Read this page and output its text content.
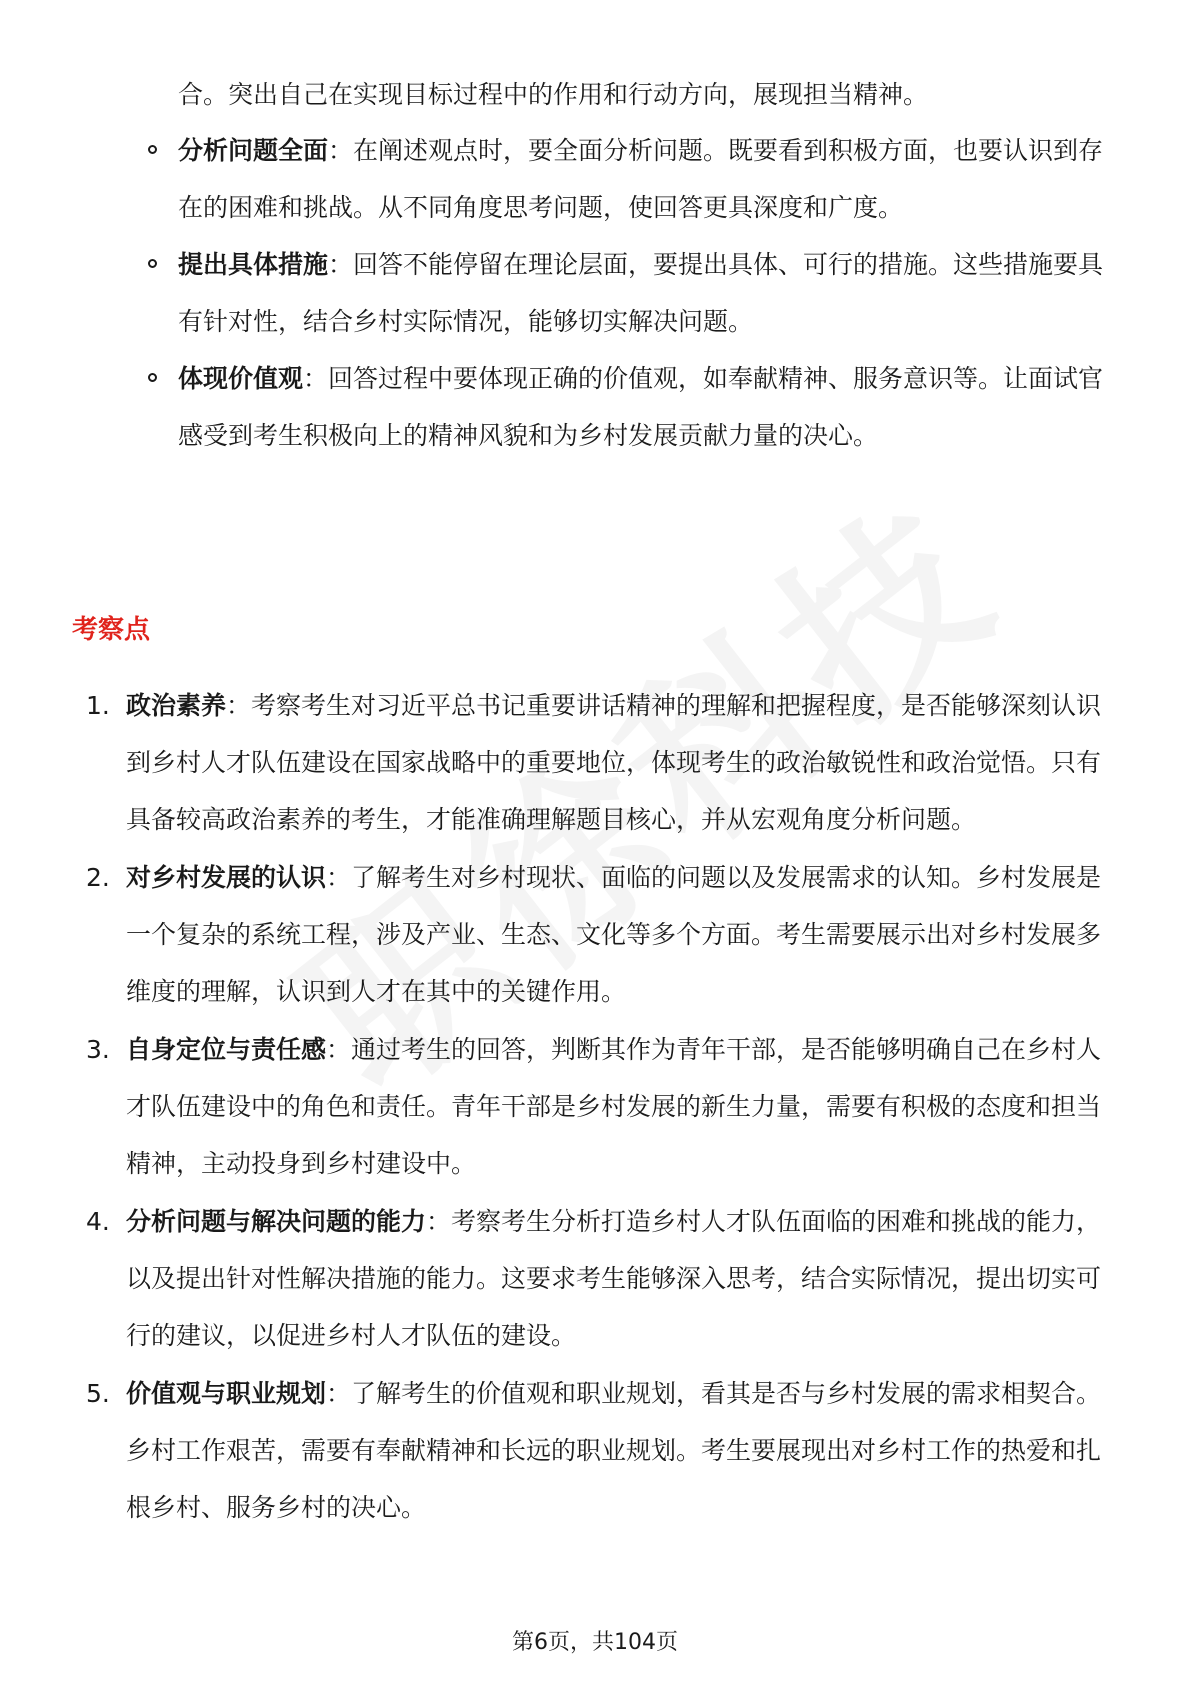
合。突出自己在实现目标过程中的作用和行动方向，展现担当精神。
分析问题全面：在阐述观点时，要全面分析问题。既要看到积极方面，也要认识到存在的困难和挑战。从不同角度思考问题，使回答更具深度和广度。
提出具体措施：回答不能停留在理论层面，要提出具体、可行的措施。这些措施要具有针对性，结合乡村实际情况，能够切实解决问题。
体现价值观：回答过程中要体现正确的价值观，如奉献精神、服务意识等。让面试官感受到考生积极向上的精神风貌和为乡村发展贡献力量的决心。
考察点
1. 政治素养：考察考生对习近平总书记重要讲话精神的理解和把握程度，是否能够深刻认识到乡村人才队伍建设在国家战略中的重要地位，体现考生的政治敏锐性和政治觉悟。只有具备较高政治素养的考生，才能准确理解题目核心，并从宏观角度分析问题。
2. 对乡村发展的认识：了解考生对乡村现状、面临的问题以及发展需求的认知。乡村发展是一个复杂的系统工程，涉及产业、生态、文化等多个方面。考生需要展示出对乡村发展多维度的理解，认识到人才在其中的关键作用。
3. 自身定位与责任感：通过考生的回答，判断其作为青年干部，是否能够明确自己在乡村人才队伍建设中的角色和责任。青年干部是乡村发展的新生力量，需要有积极的态度和担当精神，主动投身到乡村建设中。
4. 分析问题与解决问题的能力：考察考生分析打造乡村人才队伍面临的困难和挑战的能力，以及提出针对性解决措施的能力。这要求考生能够深入思考，结合实际情况，提出切实可行的建议，以促进乡村人才队伍的建设。
5. 价值观与职业规划：了解考生的价值观和职业规划，看其是否与乡村发展的需求相契合。乡村工作艰苦，需要有奉献精神和长远的职业规划。考生要展现出对乡村工作的热爱和扎根乡村、服务乡村的决心。
第6页，共104页
